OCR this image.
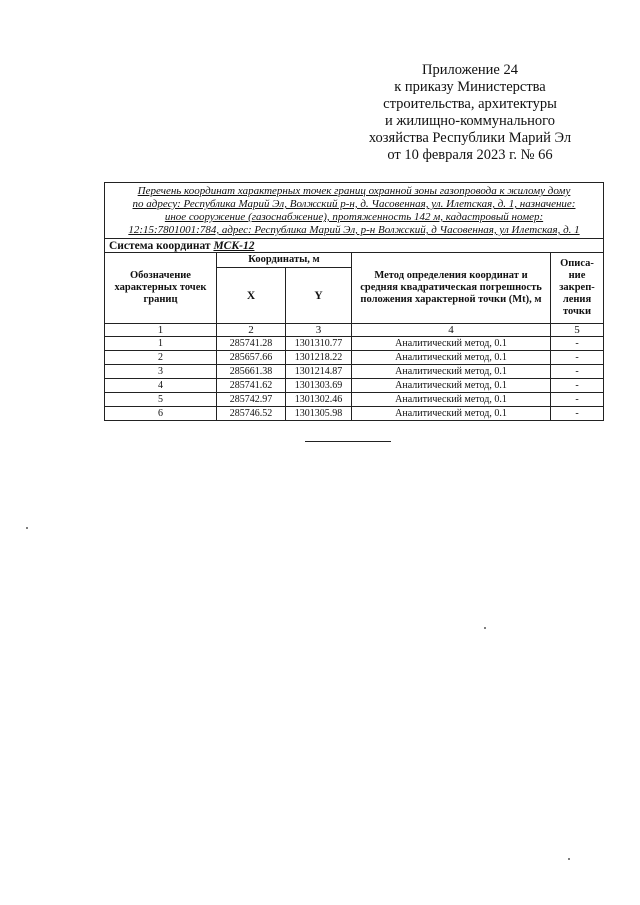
Приложение 24
к приказу Министерства
строительства, архитектуры
и жилищно-коммунального
хозяйства Республики Марий Эл
от 10 февраля 2023 г. № 66
Перечень координат характерных точек границ охранной зоны газопровода к жилому дому
по адресу: Республика Марий Эл, Волжский р-н, д. Часовенная, ул. Илетская, д. 1, назначение:
иное сооружение (газоснабжение), протяженность 142 м, кадастровый номер:
12:15:7801001:784, адрес: Республика Марий Эл, р-н Волжский, д Часовенная, ул Илетская, д. 1				

Система координат МСК-12				
Обозначение характерных точек границ	Координаты, м		Метод определения координат и средняя квадратическая погрешность положения характерной точки (Mt), м	Описа-ние закреп-ления точки
	X	Y		
1	2	3	4	5
1	285741.28	1301310.77	Аналитический метод, 0.1	-
2	285657.66	1301218.22	Аналитический метод, 0.1	-
3	285661.38	1301214.87	Аналитический метод, 0.1	-
4	285741.62	1301303.69	Аналитический метод, 0.1	-
5	285742.97	1301302.46	Аналитический метод, 0.1	-
6	285746.52	1301305.98	Аналитический метод, 0.1	-
